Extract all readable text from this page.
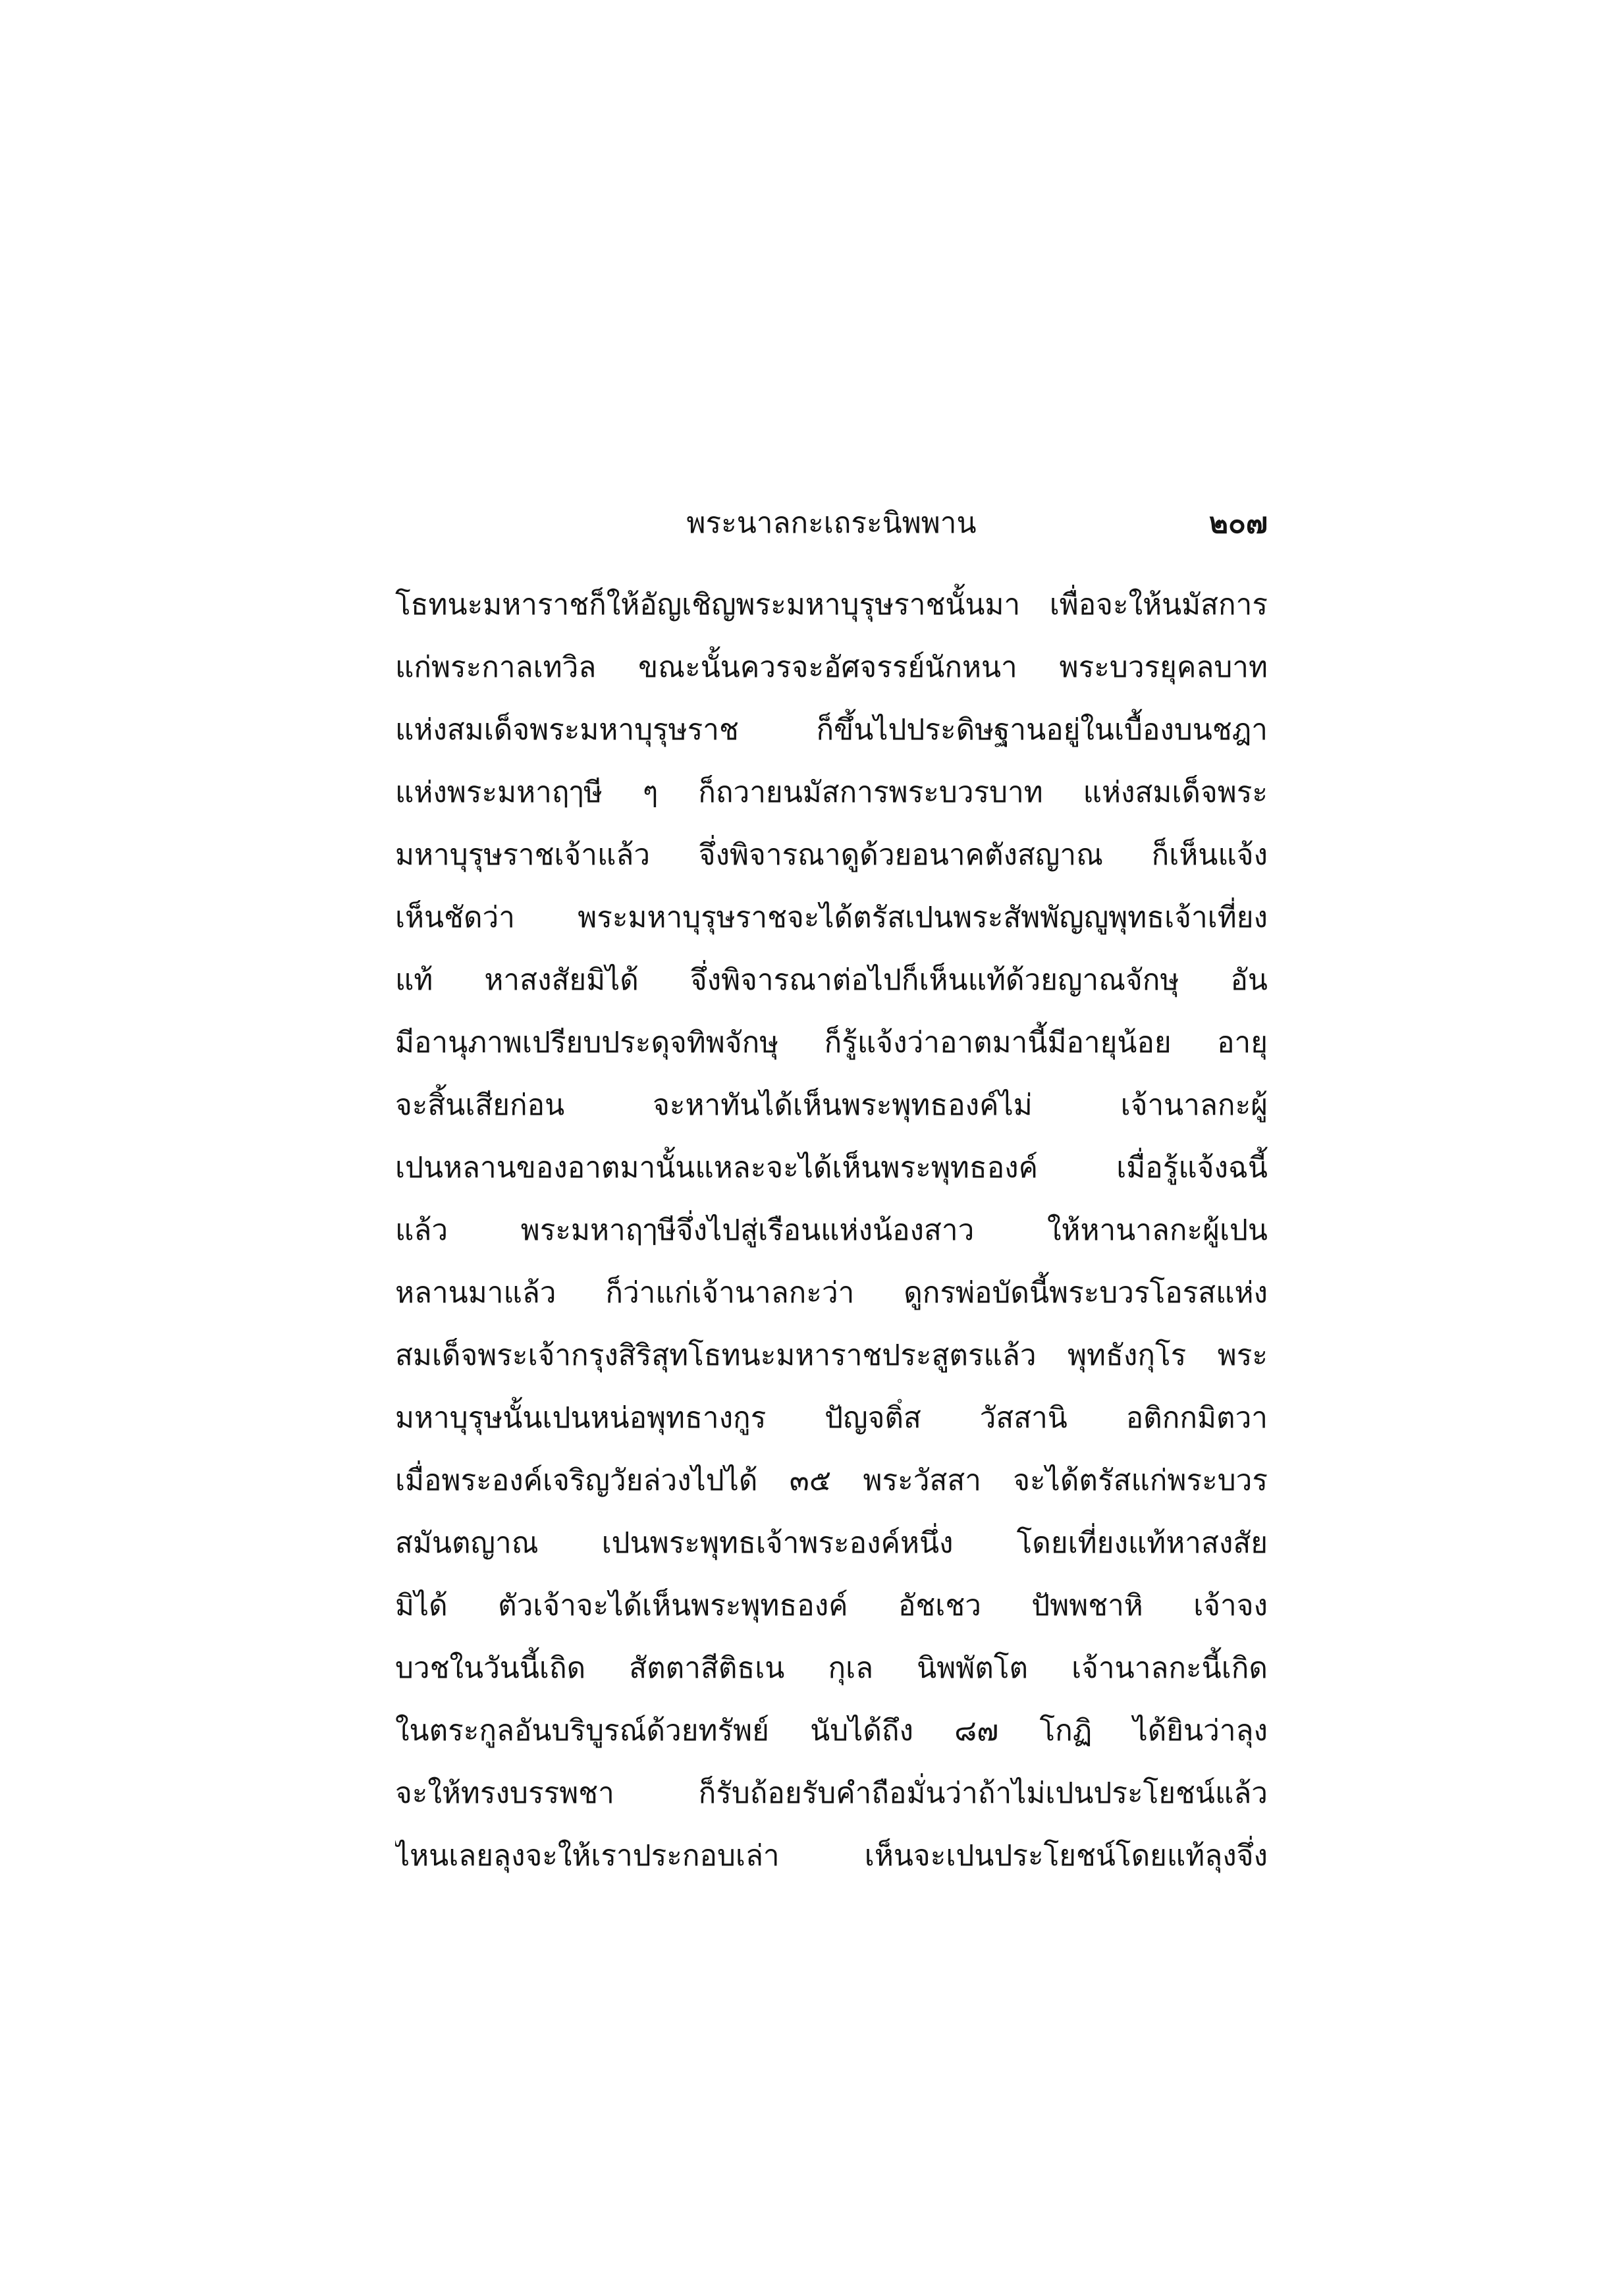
พระนาลกะเถระนิพพาน	๒๐๗
โธทนะมหาราชก็ให้อัญเชิญพระมหาบุรุษราชนั้นมา เพื่อจะให้นมัสการ
แก่พระกาลเทวิล ขณะนั้นควรจะอัศจรรย์นักหนา พระบวรยุคลบาท
แห่งสมเด็จพระมหาบุรุษราช ก็ขึ้นไปประดิษฐานอยู่ในเบื้องบนชฎา
แห่งพระมหาฤๅษี ๆ ก็ถวายนมัสการพระบวรบาท แห่งสมเด็จพระ
มหาบุรุษราชเจ้าแล้ว จึ่งพิจารณาดูด้วยอนาคตังสญาณ ก็เห็นแจ้ง
เห็นชัดว่า พระมหาบุรุษราชจะได้ตรัสเปนพระสัพพัญญูพุทธเจ้าเที่ยง
แท้ หาสงสัยมิได้ จึ่งพิจารณาต่อไปก็เห็นแท้ด้วยญาณจักษุ อัน
มีอานุภาพเปรียบประดุจทิพจักษุ ก็รู้แจ้งว่าอาตมานี้มีอายุน้อย อายุ
จะสิ้นเสียก่อน จะหาทันได้เห็นพระพุทธองค์ไม่ เจ้านาลกะผู้
เปนหลานของอาตมานั้นแหละจะได้เห็นพระพุทธองค์ เมื่อรู้แจ้งฉนี้
แล้ว พระมหาฤๅษีจึ่งไปสู่เรือนแห่งน้องสาว ให้หานาลกะผู้เปน
หลานมาแล้ว ก็ว่าแก่เจ้านาลกะว่า ดูกรพ่อบัดนี้พระบวรโอรสแห่ง
สมเด็จพระเจ้ากรุงสิริสุทโธทนะมหาราชประสูตรแล้ว พุทธังกุโร พระ
มหาบุรุษนั้นเปนหน่อพุทธางกูร ปัญจติํส วัสสานิ อติกกมิตวา
เมื่อพระองค์เจริญวัยล่วงไปได้ ๓๕ พระวัสสา จะได้ตรัสแก่พระบวร
สมันตญาณ เปนพระพุทธเจ้าพระองค์หนึ่ง โดยเที่ยงแท้หาสงสัย
มิได้ ตัวเจ้าจะได้เห็นพระพุทธองค์ อัชเชว ปัพพชาหิ เจ้าจง
บวชในวันนี้เถิด สัตตาสีติธเน กุเล นิพพัตโต เจ้านาลกะนี้เกิด
ในตระกูลอันบริบูรณ์ด้วยทรัพย์ นับได้ถึง ๘๗ โกฏิ ได้ยินว่าลุง
จะให้ทรงบรรพชา ก็รับถ้อยรับคำถือมั่นว่าถ้าไม่เปนประโยชน์แล้ว
ไหนเลยลุงจะให้เราประกอบเล่า เห็นจะเปนประโยชน์โดยแท้ลุงจึ่ง
